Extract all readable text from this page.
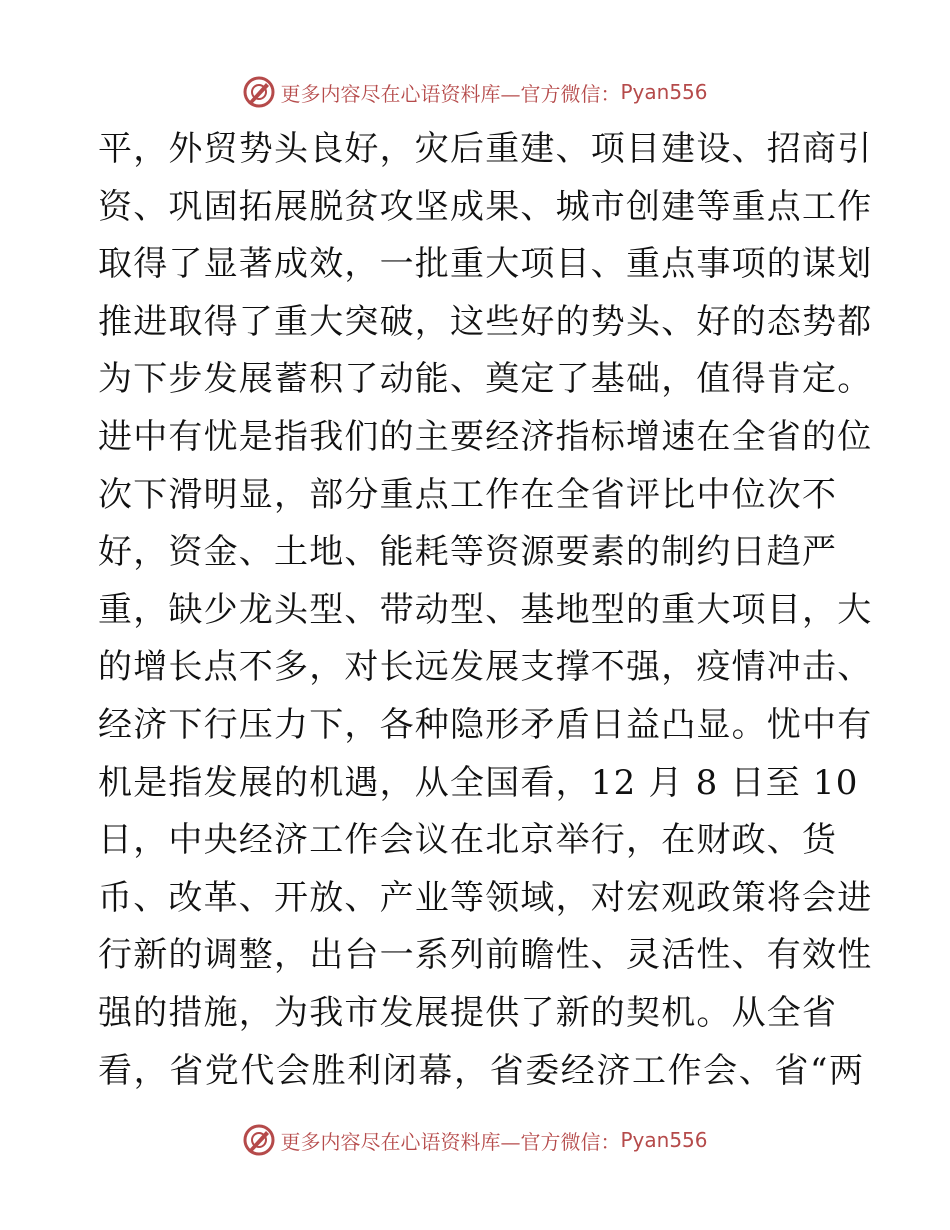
更多内容尽在心语资料库—官方微信： Pyan556
平，外贸势头良好，灾后重建、项目建设、招商引
资、巩固拓展脱贫攻坚成果、城市创建等重点工作
取得了显著成效，一批重大项目、重点事项的谋划
推进取得了重大突破，这些好的势头、好的态势都
为下步发展蓄积了动能、奠定了基础，值得肯定。
进中有忧是指我们的主要经济指标增速在全省的位
次下滑明显，部分重点工作在全省评比中位次不
好，资金、土地、能耗等资源要素的制约日趋严
重，缺少龙头型、带动型、基地型的重大项目，大
的增长点不多，对长远发展支撑不强，疫情冲击、
经济下行压力下，各种隐形矛盾日益凸显。忧中有
机是指发展的机遇，从全国看，12 月 8 日至 10
日，中央经济工作会议在北京举行，在财政、货
币、改革、开放、产业等领域，对宏观政策将会进
行新的调整，出台一系列前瞻性、灵活性、有效性
强的措施，为我市发展提供了新的契机。从全省
看，省党代会胜利闭幕，省委经济工作会、省“两
更多内容尽在心语资料库—官方微信： Pyan556
